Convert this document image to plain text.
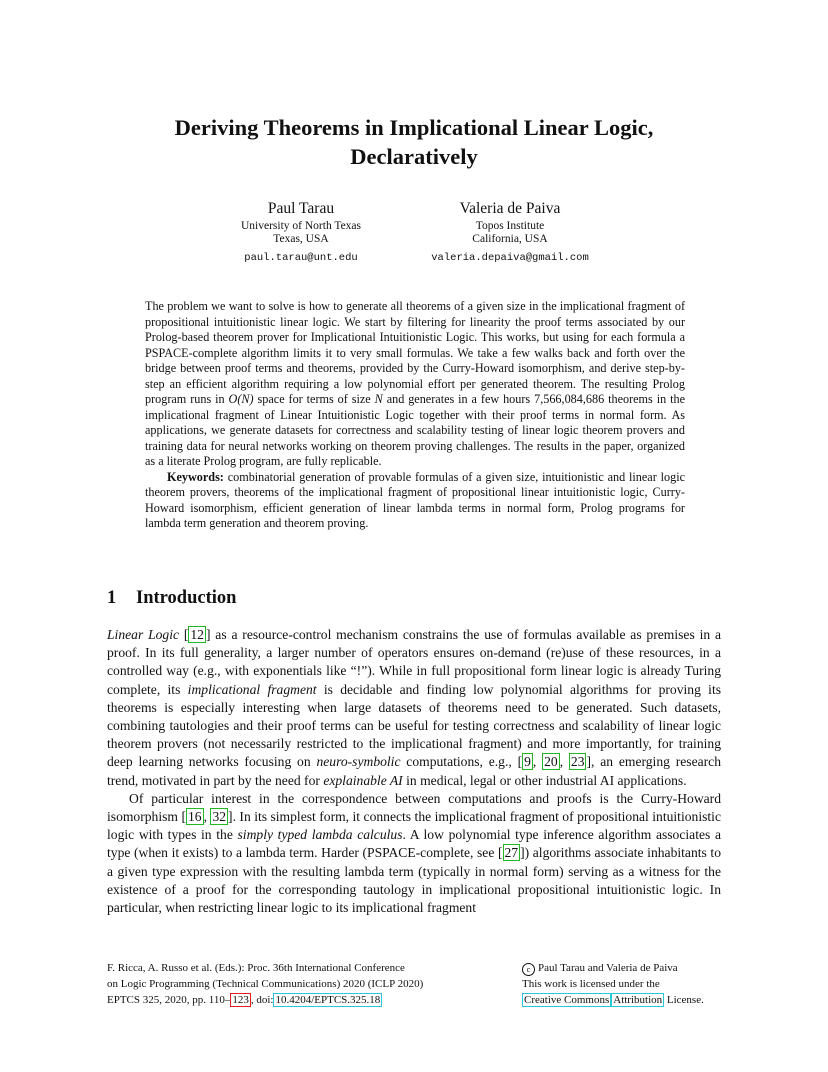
Deriving Theorems in Implicational Linear Logic,
Declaratively
Paul Tarau
University of North Texas
Texas, USA
paul.tarau@unt.edu
Valeria de Paiva
Topos Institute
California, USA
valeria.depaiva@gmail.com

The problem we want to solve is how to generate all theorems of a given size in the implicational fragment of propositional intuitionistic linear logic. We start by filtering for linearity the proof terms associated by our Prolog-based theorem prover for Implicational Intuitionistic Logic. This works, but using for each formula a PSPACE-complete algorithm limits it to very small formulas. We take a few walks back and forth over the bridge between proof terms and theorems, provided by the Curry-Howard isomorphism, and derive step-by-step an efficient algorithm requiring a low polynomial effort per generated theorem. The resulting Prolog program runs in O(N) space for terms of size N and generates in a few hours 7,566,084,686 theorems in the implicational fragment of Linear Intuitionistic Logic together with their proof terms in normal form. As applications, we generate datasets for correctness and scalability testing of linear logic theorem provers and training data for neural networks working on theorem proving challenges. The results in the paper, organized as a literate Prolog program, are fully replicable.

Keywords: combinatorial generation of provable formulas of a given size, intuitionistic and linear logic theorem provers, theorems of the implicational fragment of propositional linear intuitionistic logic, Curry-Howard isomorphism, efficient generation of linear lambda terms in normal form, Prolog programs for lambda term generation and theorem proving.

1 Introduction

Linear Logic [ 12 ] as a resource-control mechanism constrains the use of formulas available as premises in a proof. In its full generality, a larger number of operators ensures on-demand (re)use of these resources, in a controlled way (e.g., with exponentials like “!”). While in full propositional form linear logic is already Turing complete, its implicational fragment is decidable and finding low polynomial algorithms for proving its theorems is especially interesting when large datasets of theorems need to be generated. Such datasets, combining tautologies and their proof terms can be useful for testing correctness and scalability of linear logic theorem provers (not necessarily restricted to the implicational fragment) and more importantly, for training deep learning networks focusing on neuro-symbolic computations, e.g., [ 9 , 20 , 23 ], an emerging research trend, motivated in part by the need for explainable AI in medical, legal or other industrial AI applications.

Of particular interest in the correspondence between computations and proofs is the Curry-Howard isomorphism [ 16 , 32 ]. In its simplest form, it connects the implicational fragment of propositional intuitionistic logic with types in the simply typed lambda calculus. A low polynomial type inference algorithm associates a type (when it exists) to a lambda term. Harder (PSPACE-complete, see [ 27 ]) algorithms associate inhabitants to a given type expression with the resulting lambda term (typically in normal form) serving as a witness for the existence of a proof for the corresponding tautology in implicational propositional intuitionistic logic. In particular, when restricting linear logic to its implicational fragment

F. Ricca, A. Russo et al. (Eds.): Proc. 36th International Conference
on Logic Programming (Technical Communications) 2020 (ICLP 2020)
EPTCS 325, 2020, pp. 110– 123 , doi: 10.4204/EPTCS.325.18
c Paul Tarau and Valeria de Paiva
This work is licensed under the
Creative Commons Attribution License.
